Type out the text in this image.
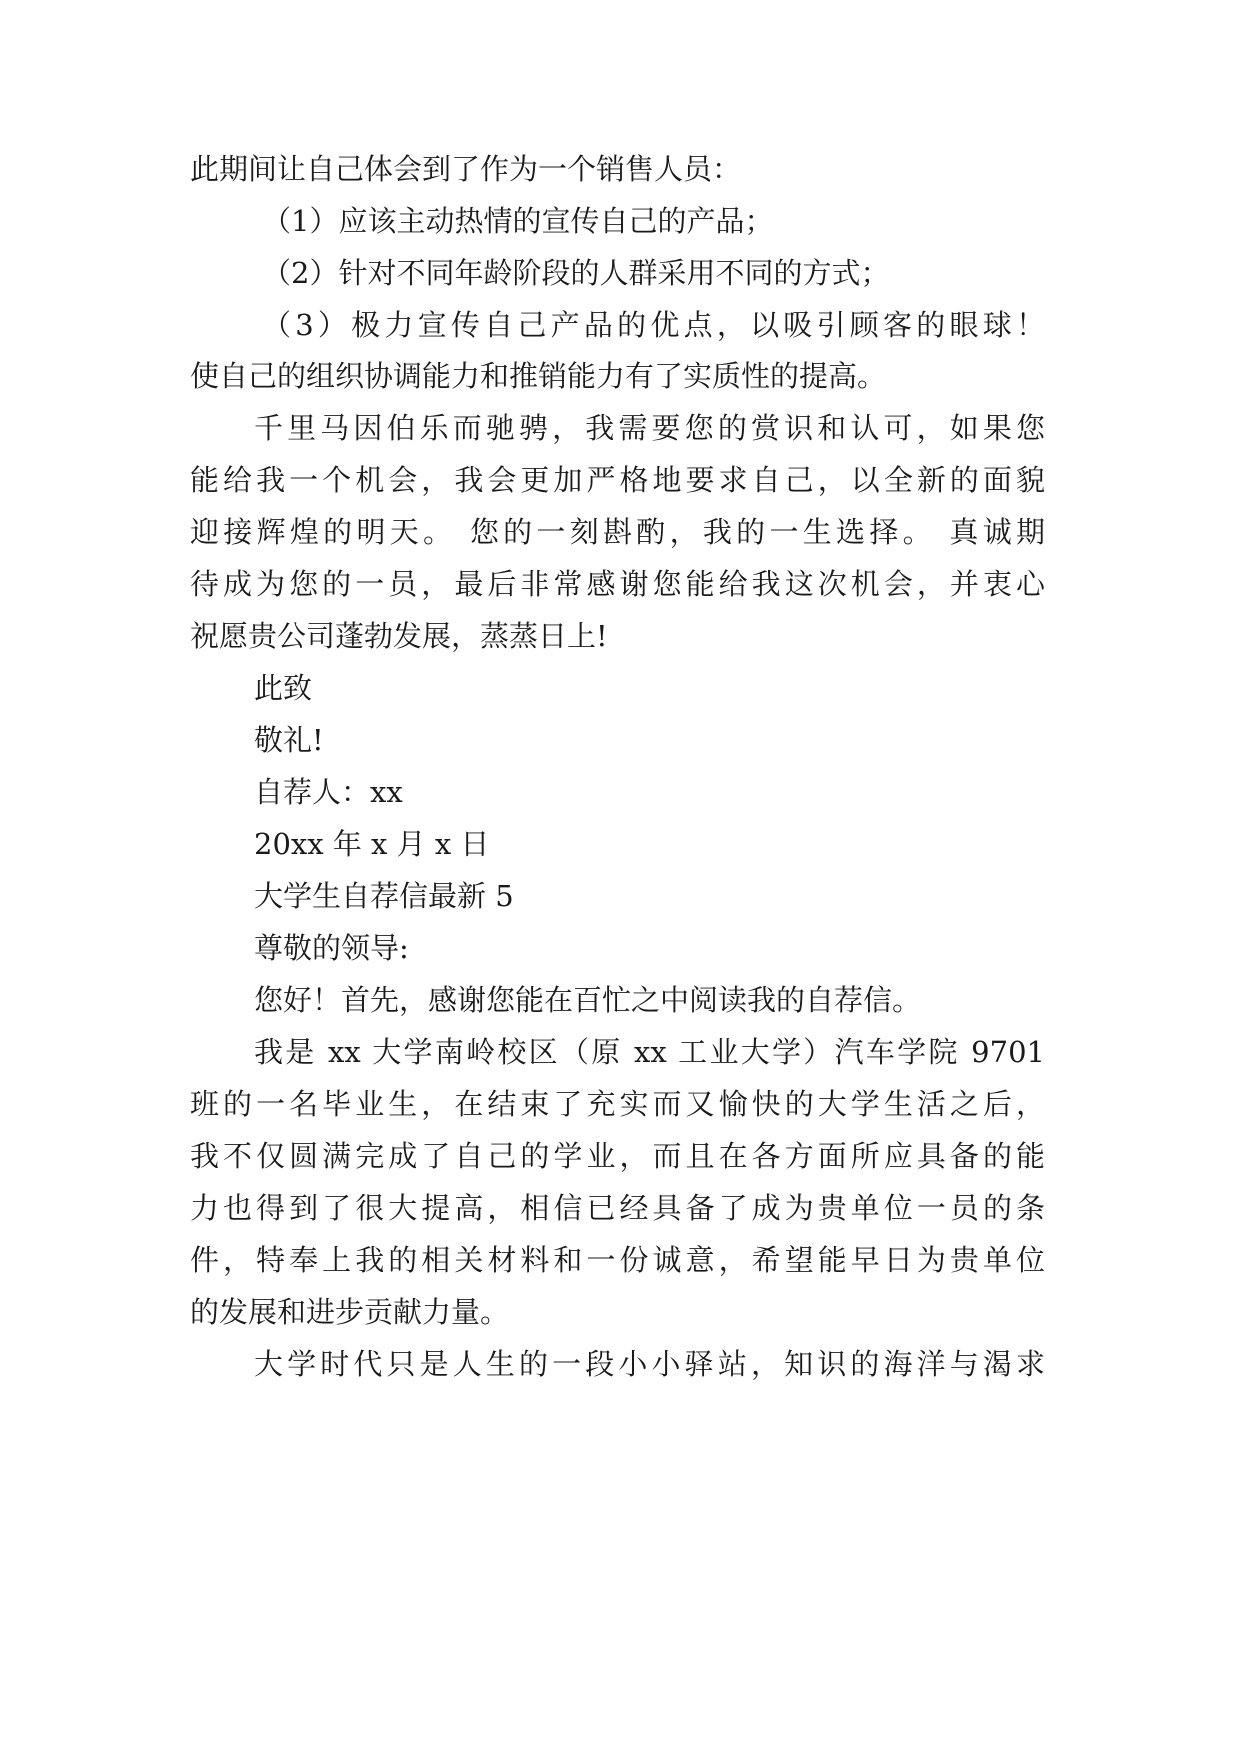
此期间让自己体会到了作为一个销售人员：

（1）应该主动热情的宣传自己的产品；

（2）针对不同年龄阶段的人群采用不同的方式；

（3）极力宣传自己产品的优点，以吸引顾客的眼球！

使自己的组织协调能力和推销能力有了实质性的提高。

千里马因伯乐而驰骋，我需要您的赏识和认可，如果您

能给我一个机会，我会更加严格地要求自己，以全新的面貌

迎接辉煌的明天。 您的一刻斟酌，我的一生选择。 真诚期

待成为您的一员，最后非常感谢您能给我这次机会，并衷心

祝愿贵公司蓬勃发展，蒸蒸日上!

此致

敬礼!

自荐人：xx

20xx 年 x 月 x 日

大学生自荐信最新 5

尊敬的领导:

您好！首先，感谢您能在百忙之中阅读我的自荐信。

我是 xx 大学南岭校区（原 xx 工业大学）汽车学院 9701

班的一名毕业生，在结束了充实而又愉快的大学生活之后，

我不仅圆满完成了自己的学业，而且在各方面所应具备的能

力也得到了很大提高，相信已经具备了成为贵单位一员的条

件，特奉上我的相关材料和一份诚意，希望能早日为贵单位

的发展和进步贡献力量。

大学时代只是人生的一段小小驿站，知识的海洋与渴求
